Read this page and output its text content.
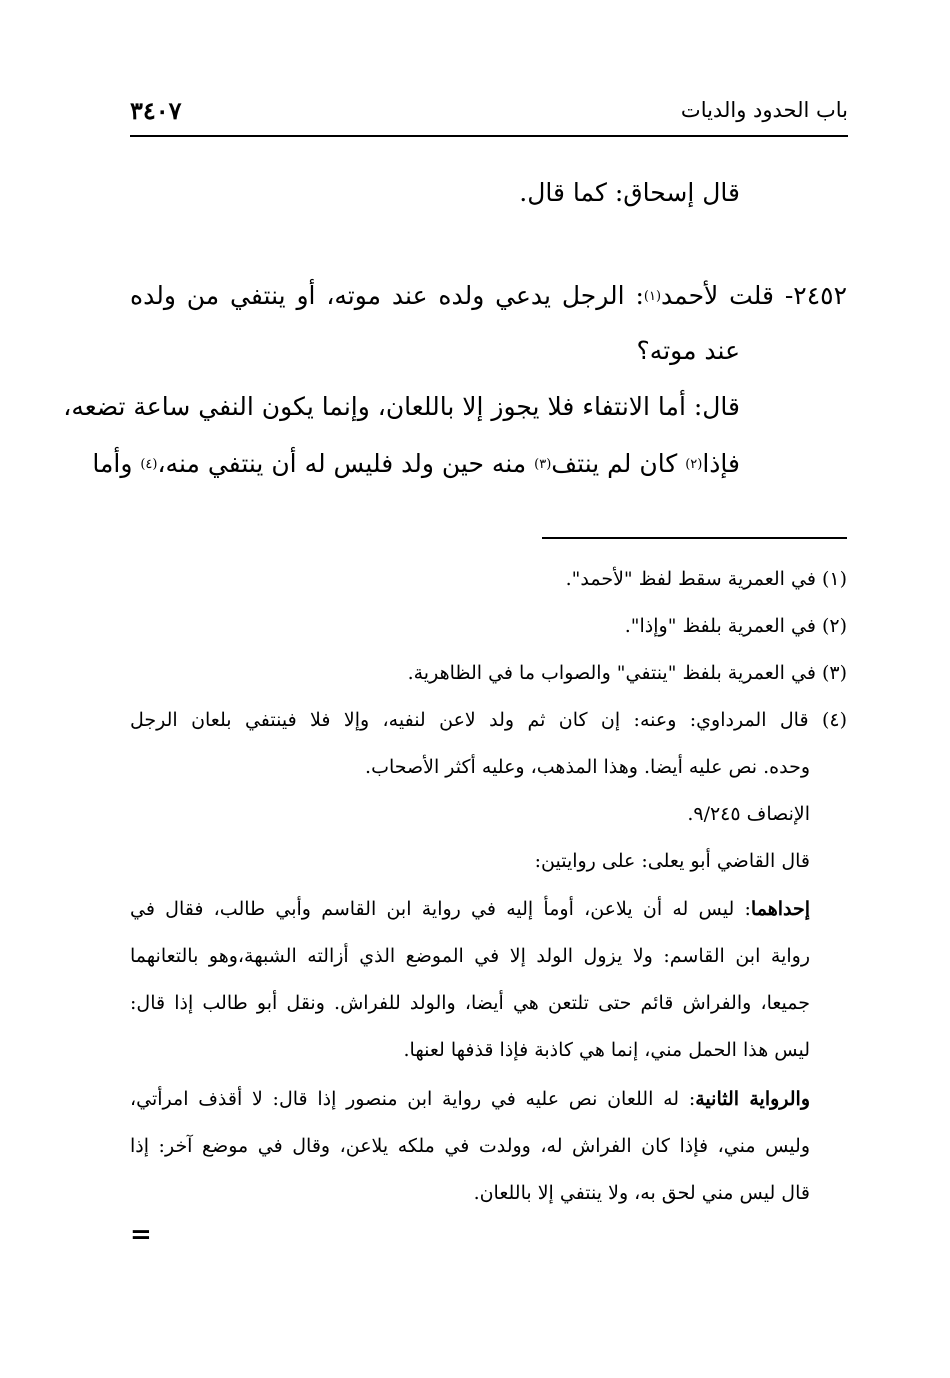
٣٤٠٧	باب الحدود والديات
قال إسحاق: كما قال.
٢٤٥٢- قلت لأحمد$^{(١)}$: الرجل يدعي ولده عند موته، أو ينتفي من ولده
عند موته؟
قال: أما الانتفاء فلا يجوز إلا باللعان، وإنما يكون النفي ساعة تضعه،
فإذا$^{(٢)}$ كان لم ينتف$^{(٣)}$ منه حين ولد فليس له أن ينتفي منه،$^{(٤)}$ وأما
(١) في العمرية سقط لفظ "لأحمد".
(٢) في العمرية بلفظ "وإذا".
(٣) في العمرية بلفظ "ينتفي" والصواب ما في الظاهرية.
(٤) قال المرداوي: وعنه: إن كان ثم ولد لاعن لنفيه، وإلا فلا فينتفي بلعان الرجل
وحده. نص عليه أيضا. وهذا المذهب، وعليه أكثر الأصحاب.
الإنصاف ٩/٢٤٥.
قال القاضي أبو يعلى: على روايتين:
إحداهما: ليس له أن يلاعن، أومأ إليه في رواية ابن القاسم وأبي طالب، فقال في
رواية ابن القاسم: ولا يزول الولد إلا في الموضع الذي أزالته الشبهة،وهو بالتعانهما
جميعا، والفراش قائم حتى تلتعن هي أيضا، والولد للفراش. ونقل أبو طالب إذا قال:
ليس هذا الحمل مني، إنما هي كاذبة فإذا قذفها لعنها.
والرواية الثانية: له اللعان نص عليه في رواية ابن منصور إذا قال: لا أقذف امرأتي،
وليس مني، فإذا كان الفراش له، وولدت في ملكه يلاعن، وقال في موضع آخر: إذا
قال ليس مني لحق به، ولا ينتفي إلا باللعان.
=
